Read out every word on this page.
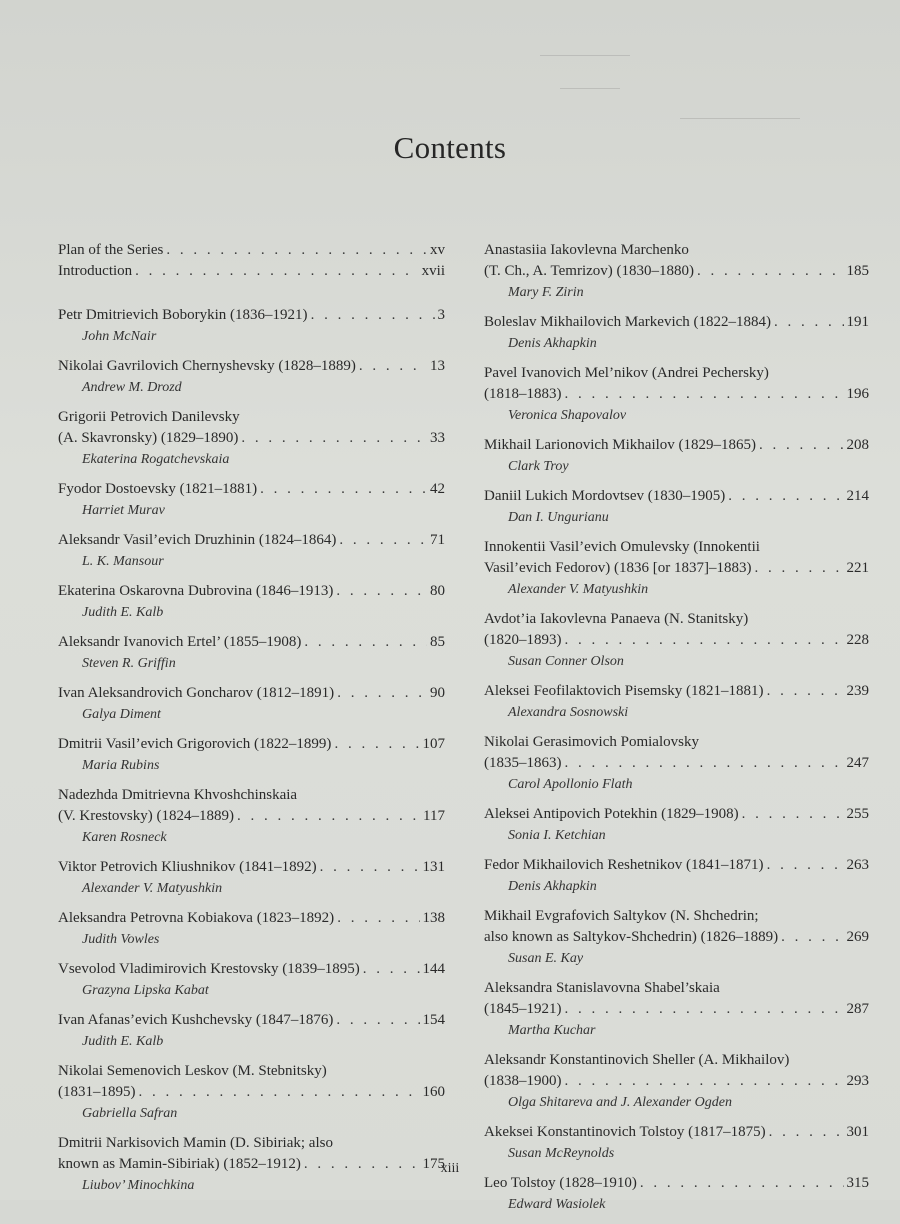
Contents
Plan of the Series . . .	xv
Introduction . . .	xvii
Petr Dmitrievich Boborykin (1836–1921) . . .	3
John McNair
Nikolai Gavrilovich Chernyshevsky (1828–1889) . . .	13
Andrew M. Drozd
Grigorii Petrovich Danilevsky
(A. Skavronsky) (1829–1890) . . .	33
Ekaterina Rogatchevskaia
Fyodor Dostoevsky (1821–1881) . . .	42
Harriet Murav
Aleksandr Vasil’evich Druzhinin (1824–1864) . . .	71
L. K. Mansour
Ekaterina Oskarovna Dubrovina (1846–1913) . . .	80
Judith E. Kalb
Aleksandr Ivanovich Ertel’ (1855–1908) . . .	85
Steven R. Griffin
Ivan Aleksandrovich Goncharov (1812–1891) . . .	90
Galya Diment
Dmitrii Vasil’evich Grigorovich (1822–1899) . . .	107
Maria Rubins
Nadezhda Dmitrievna Khvoshchinskaia
(V. Krestovsky) (1824–1889) . . .	117
Karen Rosneck
Viktor Petrovich Kliushnikov (1841–1892) . . .	131
Alexander V. Matyushkin
Aleksandra Petrovna Kobiakova (1823–1892) . . .	138
Judith Vowles
Vsevolod Vladimirovich Krestovsky (1839–1895) . . .	144
Grazyna Lipska Kabat
Ivan Afanas’evich Kushchevsky (1847–1876) . . .	154
Judith E. Kalb
Nikolai Semenovich Leskov (M. Stebnitsky)
(1831–1895) . . .	160
Gabriella Safran
Dmitrii Narkisovich Mamin (D. Sibiriak; also
known as Mamin-Sibiriak) (1852–1912) . . .	175
Liubov’ Minochkina
Anastasiia Iakovlevna Marchenko
(T. Ch., A. Temrizov) (1830–1880) . . .	185
Mary F. Zirin
Boleslav Mikhailovich Markevich (1822–1884) . . .	191
Denis Akhapkin
Pavel Ivanovich Mel’nikov (Andrei Pechersky)
(1818–1883) . . .	196
Veronica Shapovalov
Mikhail Larionovich Mikhailov (1829–1865) . . .	208
Clark Troy
Daniil Lukich Mordovtsev (1830–1905) . . .	214
Dan I. Ungurianu
Innokentii Vasil’evich Omulevsky (Innokentii
Vasil’evich Fedorov) (1836 [or 1837]–1883) . . .	221
Alexander V. Matyushkin
Avdot’ia Iakovlevna Panaeva (N. Stanitsky)
(1820–1893) . . .	228
Susan Conner Olson
Aleksei Feofilaktovich Pisemsky (1821–1881) . . .	239
Alexandra Sosnowski
Nikolai Gerasimovich Pomialovsky
(1835–1863) . . .	247
Carol Apollonio Flath
Aleksei Antipovich Potekhin (1829–1908) . . .	255
Sonia I. Ketchian
Fedor Mikhailovich Reshetnikov (1841–1871) . . .	263
Denis Akhapkin
Mikhail Evgrafovich Saltykov (N. Shchedrin;
also known as Saltykov-Shchedrin) (1826–1889) . . .	269
Susan E. Kay
Aleksandra Stanislavovna Shabel’skaia
(1845–1921) . . .	287
Martha Kuchar
Aleksandr Konstantinovich Sheller (A. Mikhailov)
(1838–1900) . . .	293
Olga Shitareva and J. Alexander Ogden
Akeksei Konstantinovich Tolstoy (1817–1875) . . .	301
Susan McReynolds
Leo Tolstoy (1828–1910) . . .	315
Edward Wasiolek
xiii
